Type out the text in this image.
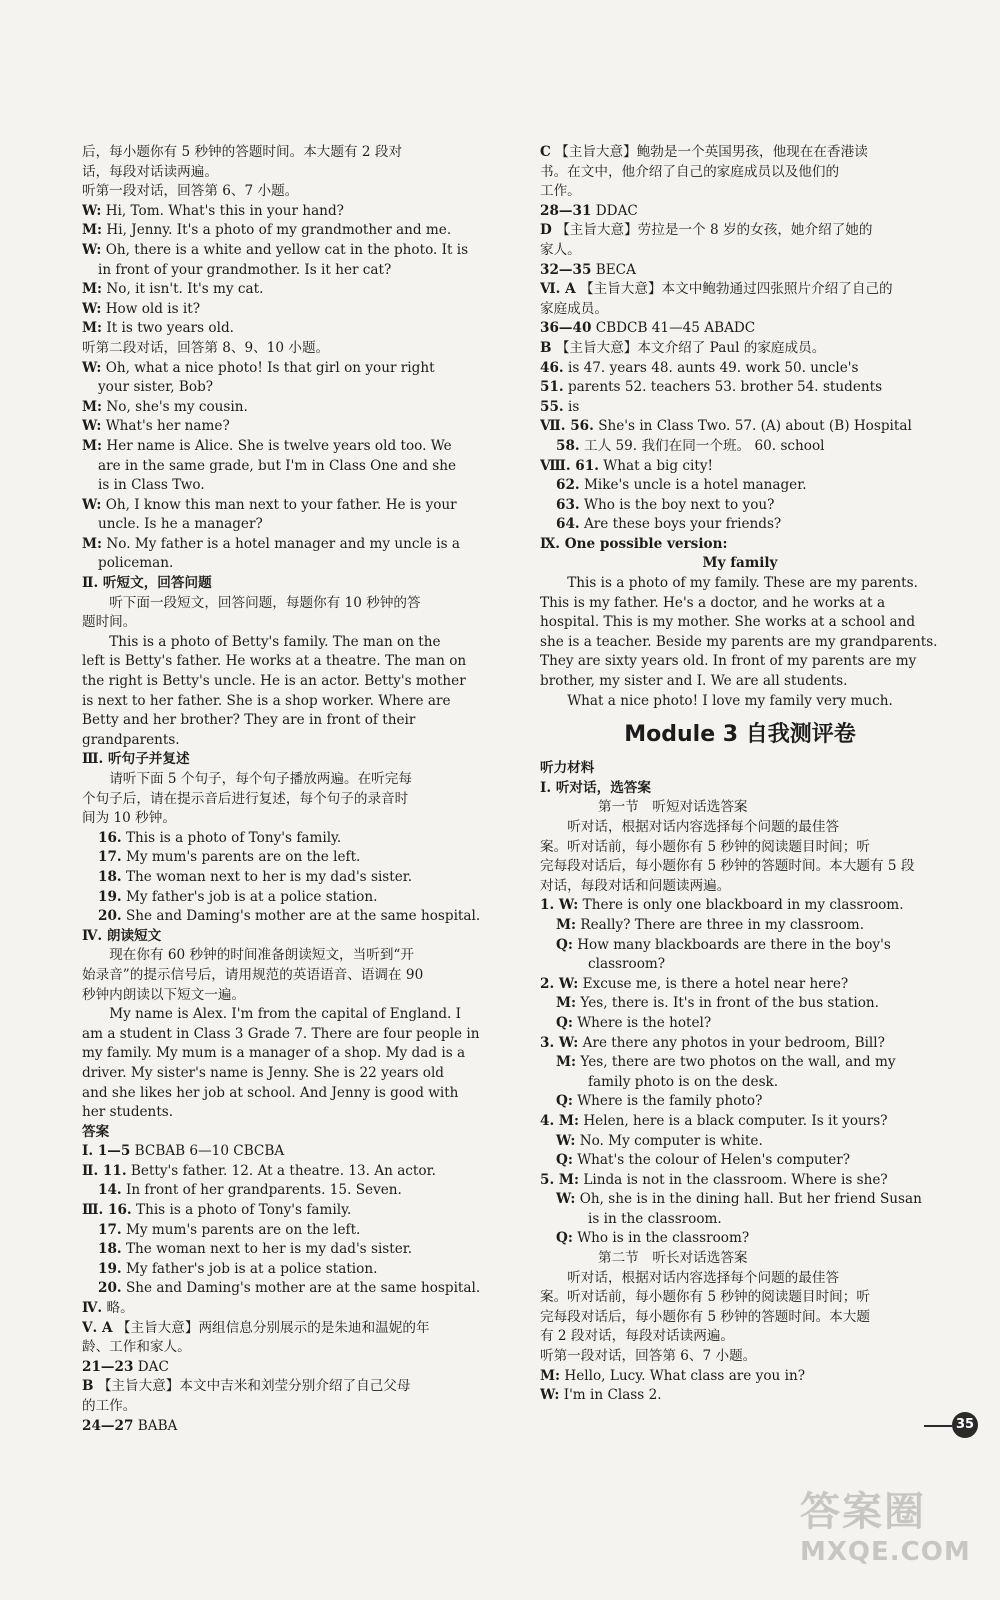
后，每小题你有 5 秒钟的答题时间。本大题有 2 段对
话，每段对话读两遍。
听第一段对话，回答第 6、7 小题。
W: Hi, Tom. What's this in your hand?
M: Hi, Jenny. It's a photo of my grandmother and me.
W: Oh, there is a white and yellow cat in the photo. It is
in front of your grandmother. Is it her cat?
M: No, it isn't. It's my cat.
W: How old is it?
M: It is two years old.
听第二段对话，回答第 8、9、10 小题。
W: Oh, what a nice photo! Is that girl on your right
your sister, Bob?
M: No, she's my cousin.
W: What's her name?
M: Her name is Alice. She is twelve years old too. We
are in the same grade, but I'm in Class One and she
is in Class Two.
W: Oh, I know this man next to your father. He is your
uncle. Is he a manager?
M: No. My father is a hotel manager and my uncle is a
policeman.
Ⅱ. 听短文，回答问题
听下面一段短文，回答问题，每题你有 10 秒钟的答
题时间。
This is a photo of Betty's family. The man on the
left is Betty's father. He works at a theatre. The man on
the right is Betty's uncle. He is an actor. Betty's mother
is next to her father. She is a shop worker. Where are
Betty and her brother? They are in front of their
grandparents.
Ⅲ. 听句子并复述
请听下面 5 个句子，每个句子播放两遍。在听完每
个句子后，请在提示音后进行复述，每个句子的录音时
间为 10 秒钟。
16. This is a photo of Tony's family.
17. My mum's parents are on the left.
18. The woman next to her is my dad's sister.
19. My father's job is at a police station.
20. She and Daming's mother are at the same hospital.
Ⅳ. 朗读短文
现在你有 60 秒钟的时间准备朗读短文，当听到“开
始录音”的提示信号后，请用规范的英语语音、语调在 90
秒钟内朗读以下短文一遍。
My name is Alex. I'm from the capital of England. I
am a student in Class 3 Grade 7. There are four people in
my family. My mum is a manager of a shop. My dad is a
driver. My sister's name is Jenny. She is 22 years old
and she likes her job at school. And Jenny is good with
her students.
答案
Ⅰ. 1—5 BCBAB 6—10 CBCBA
Ⅱ. 11. Betty's father. 12. At a theatre. 13. An actor.
14. In front of her grandparents. 15. Seven.
Ⅲ. 16. This is a photo of Tony's family.
17. My mum's parents are on the left.
18. The woman next to her is my dad's sister.
19. My father's job is at a police station.
20. She and Daming's mother are at the same hospital.
Ⅳ. 略。
Ⅴ. A 【主旨大意】两组信息分别展示的是朱迪和温妮的年
龄、工作和家人。
21—23 DAC
B 【主旨大意】本文中吉米和刘莹分别介绍了自己父母
的工作。
24—27 BABA
C 【主旨大意】鲍勃是一个英国男孩，他现在在香港读
书。在文中，他介绍了自己的家庭成员以及他们的
工作。
28—31 DDAC
D 【主旨大意】劳拉是一个 8 岁的女孩，她介绍了她的
家人。
32—35 BECA
Ⅵ. A 【主旨大意】本文中鲍勃通过四张照片介绍了自己的
家庭成员。
36—40 CBDCB 41—45 ABADC
B 【主旨大意】本文介绍了 Paul 的家庭成员。
46. is 47. years 48. aunts 49. work 50. uncle's
51. parents 52. teachers 53. brother 54. students
55. is
Ⅶ. 56. She's in Class Two. 57. (A) about (B) Hospital
58. 工人 59. 我们在同一个班。 60. school
Ⅷ. 61. What a big city!
62. Mike's uncle is a hotel manager.
63. Who is the boy next to you?
64. Are these boys your friends?
Ⅸ. One possible version:
My family
This is a photo of my family. These are my parents.
This is my father. He's a doctor, and he works at a
hospital. This is my mother. She works at a school and
she is a teacher. Beside my parents are my grandparents.
They are sixty years old. In front of my parents are my
brother, my sister and I. We are all students.
What a nice photo! I love my family very much.
Module 3 自我测评卷
听力材料
Ⅰ. 听对话，选答案
第一节　听短对话选答案
听对话，根据对话内容选择每个问题的最佳答
案。听对话前，每小题你有 5 秒钟的阅读题目时间；听
完每段对话后，每小题你有 5 秒钟的答题时间。本大题有 5 段
对话，每段对话和问题读两遍。
1. W: There is only one blackboard in my classroom.
M: Really? There are three in my classroom.
Q: How many blackboards are there in the boy's
classroom?
2. W: Excuse me, is there a hotel near here?
M: Yes, there is. It's in front of the bus station.
Q: Where is the hotel?
3. W: Are there any photos in your bedroom, Bill?
M: Yes, there are two photos on the wall, and my
family photo is on the desk.
Q: Where is the family photo?
4. M: Helen, here is a black computer. Is it yours?
W: No. My computer is white.
Q: What's the colour of Helen's computer?
5. M: Linda is not in the classroom. Where is she?
W: Oh, she is in the dining hall. But her friend Susan
is in the classroom.
Q: Who is in the classroom?
第二节　听长对话选答案
听对话，根据对话内容选择每个问题的最佳答
案。听对话前，每小题你有 5 秒钟的阅读题目时间；听
完每段对话后，每小题你有 5 秒钟的答题时间。本大题
有 2 段对话，每段对话读两遍。
听第一段对话，回答第 6、7 小题。
M: Hello, Lucy. What class are you in?
W: I'm in Class 2.
35
答案圈
MXQE.COM
